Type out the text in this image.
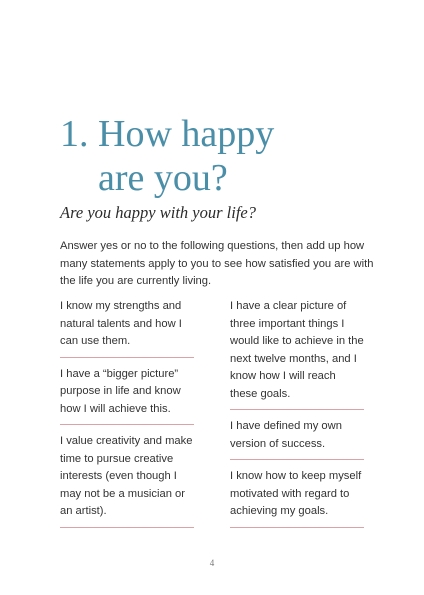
1. How happy
are you?
Are you happy with your life?

Answer yes or no to the following questions, then add up how many statements apply to you to see how satisfied you are with the life you are currently living.

I know my strengths and natural talents and how I can use them.
I have a “bigger picture” purpose in life and know how I will achieve this.
I value creativity and make time to pursue creative interests (even though I may not be a musician or an artist).
I have a clear picture of three important things I would like to achieve in the next twelve months, and I know how I will reach these goals.
I have defined my own version of success.
I know how to keep myself motivated with regard to achieving my goals.
4
